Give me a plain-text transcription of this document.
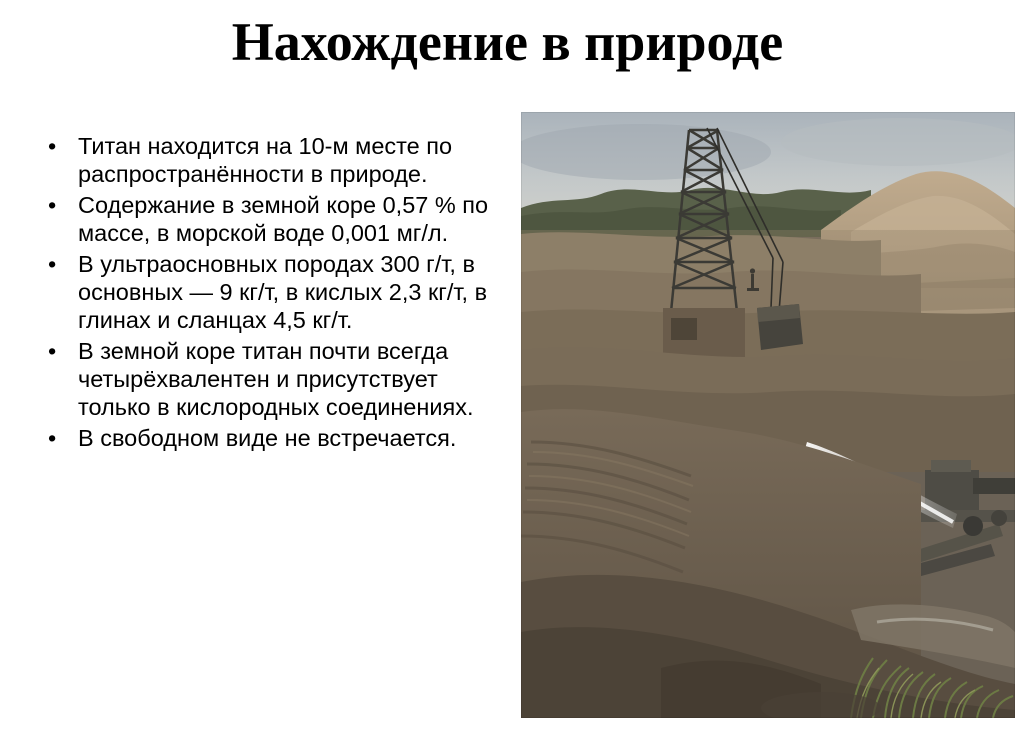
Нахождение в природе
• Титан находится на 10-м месте по распространённости в природе.
• Содержание в земной коре 0,57 % по массе, в морской воде 0,001 мг/л.
• В ультраосновных породах 300 г/т, в основных — 9 кг/т, в кислых 2,3 кг/т, в глинах и сланцах 4,5 кг/т.
• В земной коре титан почти всегда четырёхвалентен и присутствует только в кислородных соединениях.
• В свободном виде не встречается.
